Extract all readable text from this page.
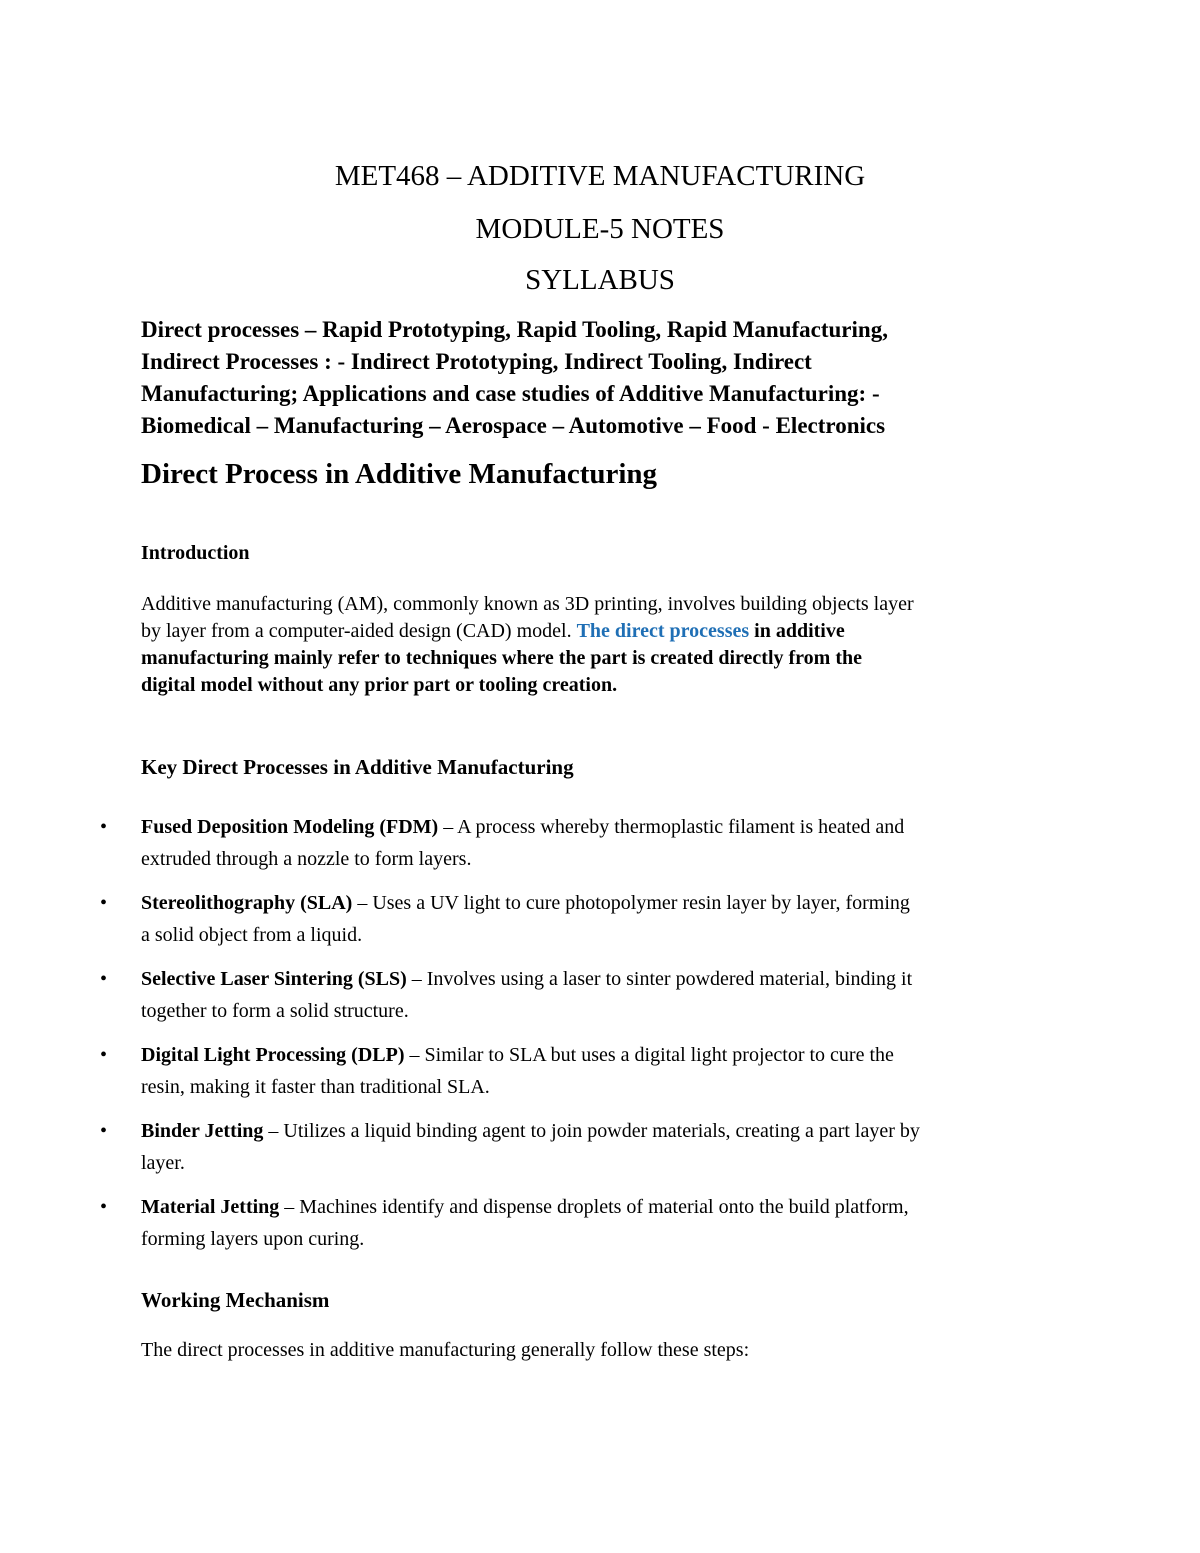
MET468 – ADDITIVE MANUFACTURING
MODULE-5 NOTES
SYLLABUS
Direct processes – Rapid Prototyping, Rapid Tooling, Rapid Manufacturing,
Indirect Processes : - Indirect Prototyping, Indirect Tooling, Indirect
Manufacturing; Applications and case studies of Additive Manufacturing: -
Biomedical – Manufacturing – Aerospace – Automotive – Food - Electronics
Direct Process in Additive Manufacturing
Introduction
Additive manufacturing (AM), commonly known as 3D printing, involves building objects layer
by layer from a computer-aided design (CAD) model. The direct processes in additive
manufacturing mainly refer to techniques where the part is created directly from the
digital model without any prior part or tooling creation.
Key Direct Processes in Additive Manufacturing
• Fused Deposition Modeling (FDM) – A process whereby thermoplastic filament is heated and
extruded through a nozzle to form layers.
• Stereolithography (SLA) – Uses a UV light to cure photopolymer resin layer by layer, forming
a solid object from a liquid.
• Selective Laser Sintering (SLS) – Involves using a laser to sinter powdered material, binding it
together to form a solid structure.
• Digital Light Processing (DLP) – Similar to SLA but uses a digital light projector to cure the
resin, making it faster than traditional SLA.
• Binder Jetting – Utilizes a liquid binding agent to join powder materials, creating a part layer by
layer.
• Material Jetting – Machines identify and dispense droplets of material onto the build platform,
forming layers upon curing.
Working Mechanism
The direct processes in additive manufacturing generally follow these steps:
